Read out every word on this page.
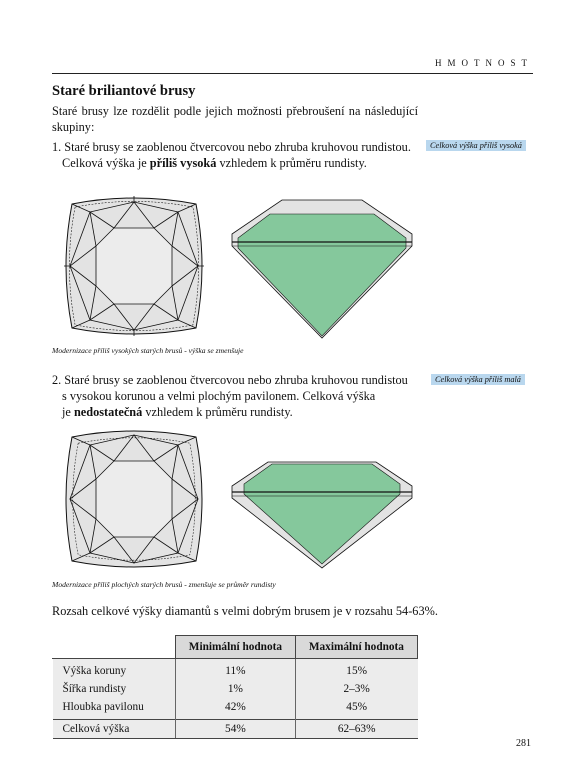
HMOTNOST
Staré briliantové brusy
Staré brusy lze rozdělit podle jejich možnosti přebroušení na následující skupiny:

1. Staré brusy se zaoblenou čtvercovou nebo zhruba kruhovou rundistou.

Celková výška je příliš vysoká vzhledem k průměru rundisty.

Celková výška příliš vysoká
Modernizace příliš vysokých starých brusů - výška se zmenšuje

2. Staré brusy se zaoblenou čtvercovou nebo zhruba kruhovou rundistou

s vysokou korunou a velmi plochým pavilonem. Celková výška

je nedostatečná vzhledem k průměru rundisty.

Celková výška příliš malá
Modernizace příliš plochých starých brusů - zmenšuje se průměr rundisty
Rozsah celkové výšky diamantů s velmi dobrým brusem je v rozsahu 54-63%.
	Minimální hodnota	Maximální hodnota
Výška koruny	11%	15%
Šířka rundisty	1%	2–3%
Hloubka pavilonu	42%	45%
Celková výška	54%	62–63%
281
